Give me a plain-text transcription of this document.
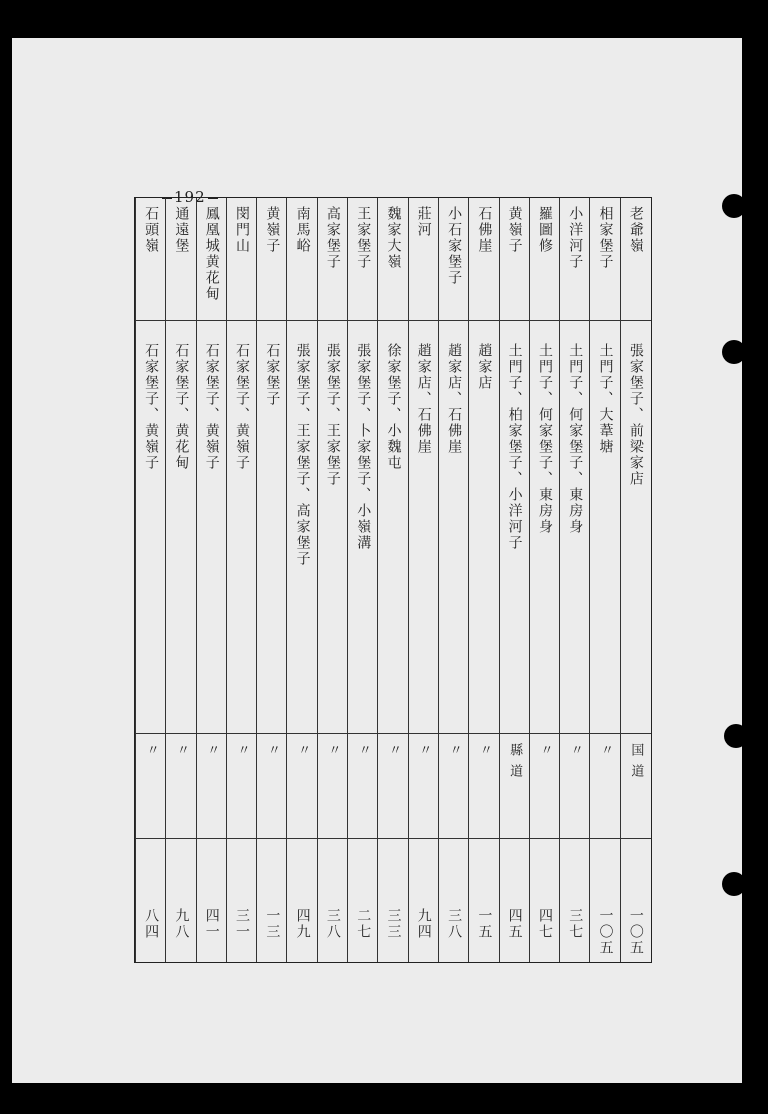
192
老爺嶺
張家堡子、前梁家店
国道
一〇五
相家堡子
土門子、大葦塘
〃
一〇五
小洋河子
土門子、何家堡子、東房身
〃
三七
羅圖修
土門子、何家堡子、東房身
〃
四七
黄嶺子
土門子、柏家堡子、小洋河子
縣道
四五
石佛崖
趙家店
〃
一五
小石家堡子
趙家店、石佛崖
〃
三八
莊河
趙家店、石佛崖
〃
九四
魏家大嶺
徐家堡子、小魏屯
〃
三三
王家堡子
張家堡子、卜家堡子、小嶺溝
〃
二七
高家堡子
張家堡子、王家堡子
〃
三八
南馬峪
張家堡子、王家堡子、高家堡子
〃
四九
黄嶺子
石家堡子
〃
一三
閔門山
石家堡子、黄嶺子
〃
三一
鳳凰城黄花甸
石家堡子、黄嶺子
〃
四一
通遠堡
石家堡子、黄花甸
〃
九八
石頭嶺
石家堡子、黄嶺子
〃
八四
